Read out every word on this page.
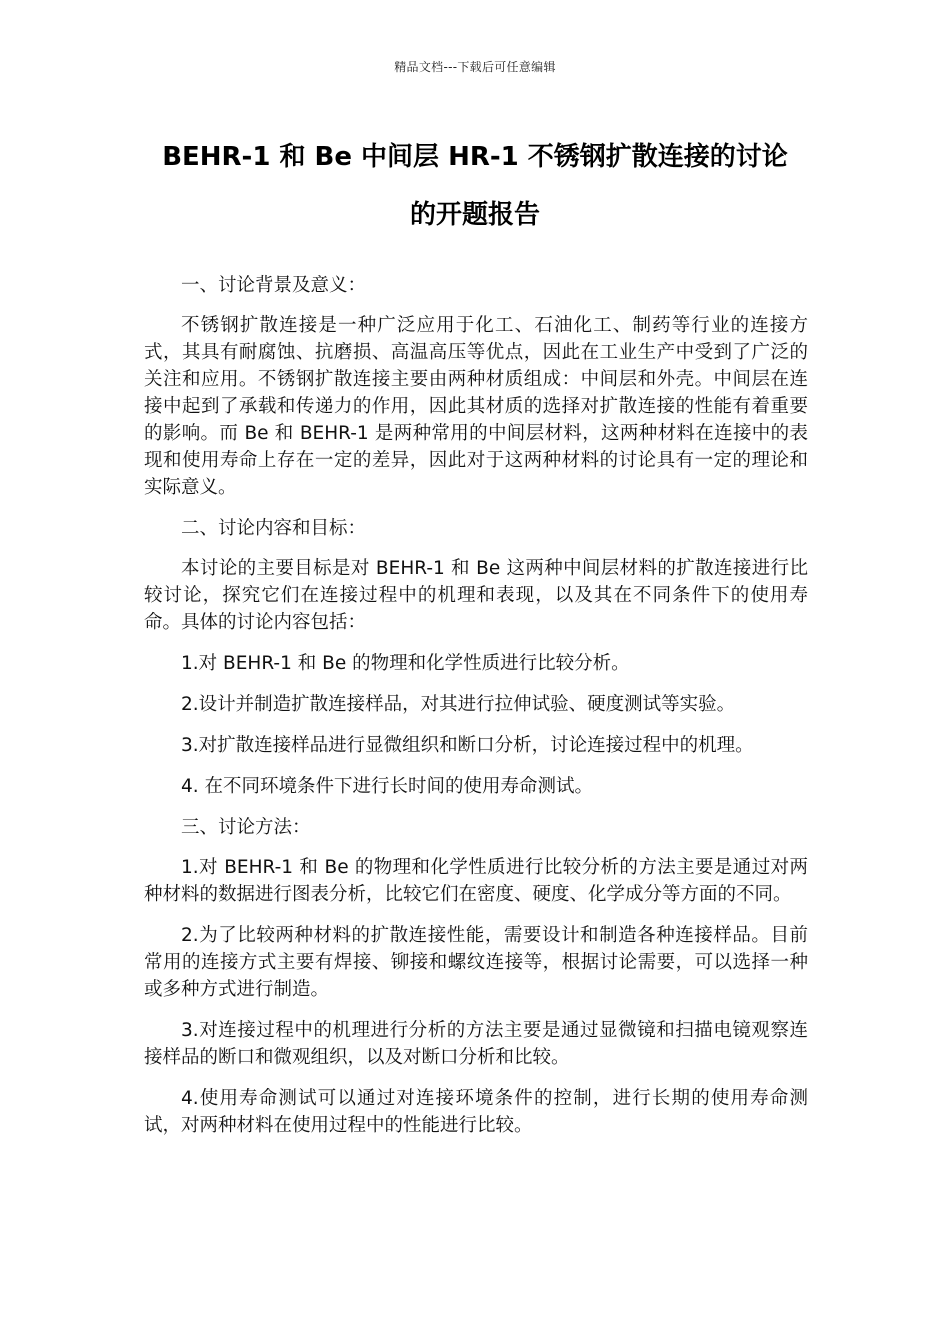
精品文档---下载后可任意编辑
BEHR-1 和 Be 中间层 HR-1 不锈钢扩散连接的讨论
的开题报告

一、讨论背景及意义：

不锈钢扩散连接是一种广泛应用于化工、石油化工、制药等行业的连接方式，其具有耐腐蚀、抗磨损、高温高压等优点，因此在工业生产中受到了广泛的关注和应用。不锈钢扩散连接主要由两种材质组成：中间层和外壳。中间层在连接中起到了承载和传递力的作用，因此其材质的选择对扩散连接的性能有着重要的影响。而 Be 和 BEHR-1 是两种常用的中间层材料，这两种材料在连接中的表现和使用寿命上存在一定的差异，因此对于这两种材料的讨论具有一定的理论和实际意义。

二、讨论内容和目标：

本讨论的主要目标是对 BEHR-1 和 Be 这两种中间层材料的扩散连接进行比较讨论，探究它们在连接过程中的机理和表现，以及其在不同条件下的使用寿命。具体的讨论内容包括：

1.对 BEHR-1 和 Be 的物理和化学性质进行比较分析。

2.设计并制造扩散连接样品，对其进行拉伸试验、硬度测试等实验。

3.对扩散连接样品进行显微组织和断口分析，讨论连接过程中的机理。

4. 在不同环境条件下进行长时间的使用寿命测试。

三、讨论方法：

1.对 BEHR-1 和 Be 的物理和化学性质进行比较分析的方法主要是通过对两种材料的数据进行图表分析，比较它们在密度、硬度、化学成分等方面的不同。

2.为了比较两种材料的扩散连接性能，需要设计和制造各种连接样品。目前常用的连接方式主要有焊接、铆接和螺纹连接等，根据讨论需要，可以选择一种或多种方式进行制造。

3.对连接过程中的机理进行分析的方法主要是通过显微镜和扫描电镜观察连接样品的断口和微观组织，以及对断口分析和比较。

4.使用寿命测试可以通过对连接环境条件的控制，进行长期的使用寿命测试，对两种材料在使用过程中的性能进行比较。
